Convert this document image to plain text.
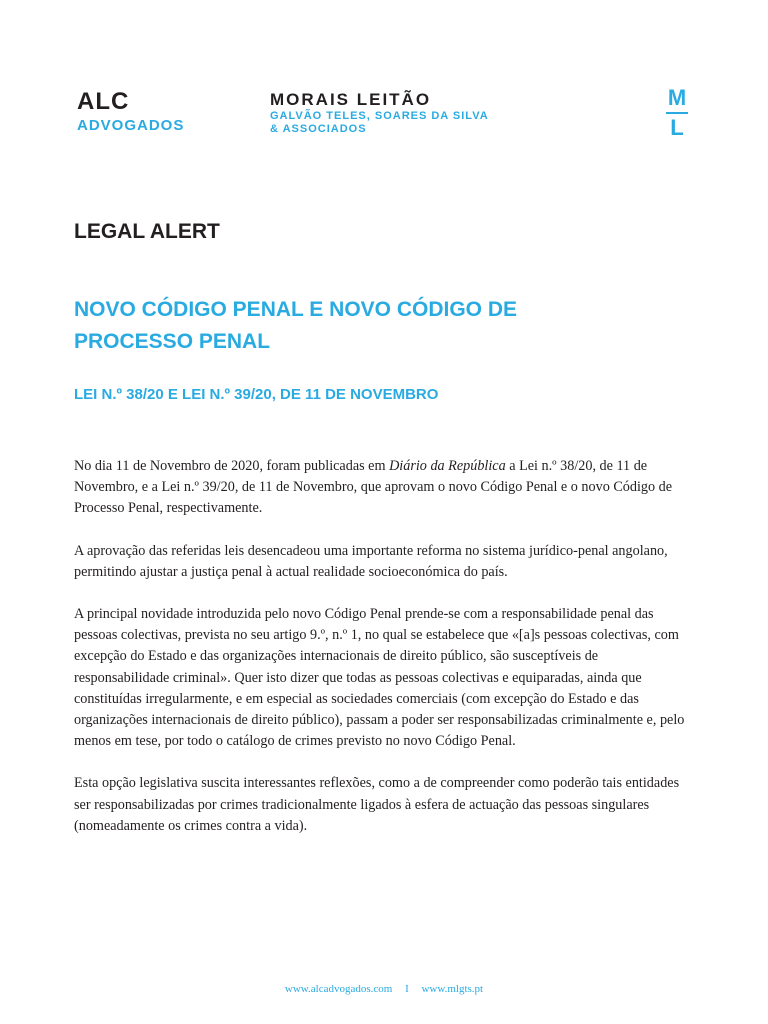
ALC
ADVOGADOS
MORAIS LEITÃO
GALVÃO TELES, SOARES DA SILVA
& ASSOCIADOS
M
L
LEGAL ALERT
NOVO CÓDIGO PENAL E NOVO CÓDIGO DE PROCESSO PENAL
LEI N.º 38/20 E LEI N.º 39/20, DE 11 DE NOVEMBRO

No dia 11 de Novembro de 2020, foram publicadas em Diário da República a Lei n.º 38/20, de 11 de Novembro, e a Lei n.º 39/20, de 11 de Novembro, que aprovam o novo Código Penal e o novo Código de Processo Penal, respectivamente.

A aprovação das referidas leis desencadeou uma importante reforma no sistema jurídico-penal angolano, permitindo ajustar a justiça penal à actual realidade socioeconómica do país.

A principal novidade introduzida pelo novo Código Penal prende-se com a responsabilidade penal das pessoas colectivas, prevista no seu artigo 9.º, n.º 1, no qual se estabelece que «[a]s pessoas colectivas, com excepção do Estado e das organizações internacionais de direito público, são susceptíveis de responsabilidade criminal». Quer isto dizer que todas as pessoas colectivas e equiparadas, ainda que constituídas irregularmente, e em especial as sociedades comerciais (com excepção do Estado e das organizações internacionais de direito público), passam a poder ser responsabilizadas criminalmente e, pelo menos em tese, por todo o catálogo de crimes previsto no novo Código Penal.

Esta opção legislativa suscita interessantes reflexões, como a de compreender como poderão tais entidades ser responsabilizadas por crimes tradicionalmente ligados à esfera de actuação das pessoas singulares (nomeadamente os crimes contra a vida).

www.alcadvogados.com I www.mlgts.pt
